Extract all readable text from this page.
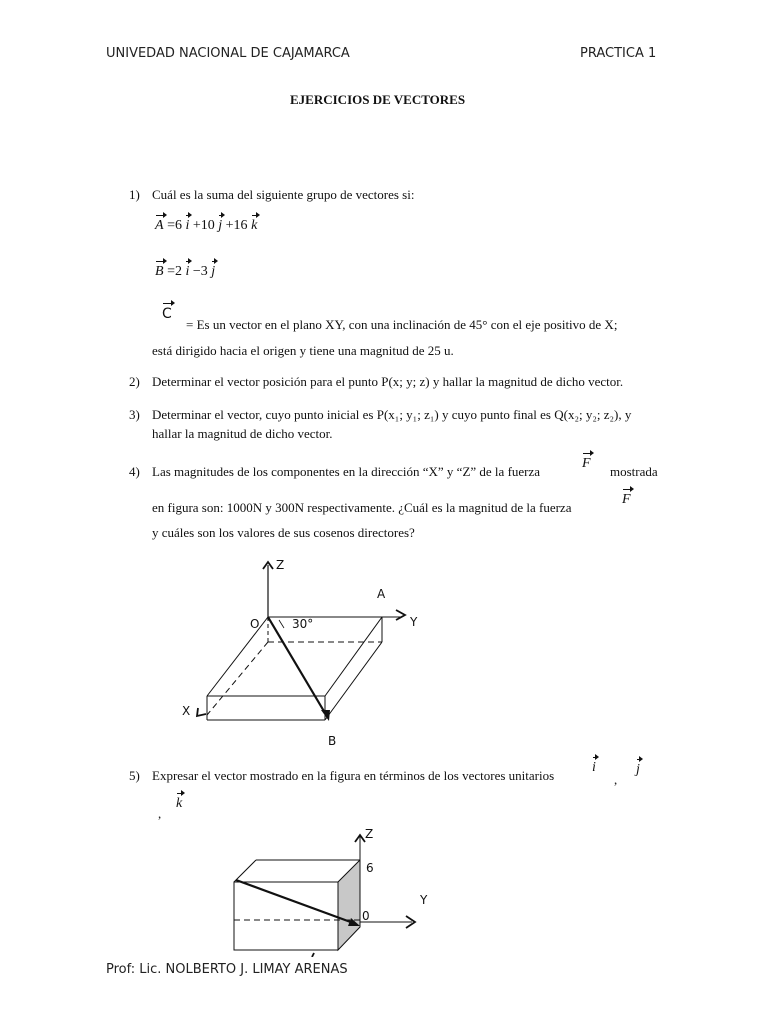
UNIVEDAD NACIONAL DE CAJAMARCA	PRACTICA 1
EJERCICIOS DE VECTORES
1) Cuál es la suma del siguiente grupo de vectores si:
A =6 i +10 j +16 k
B =2 i −3 j
C
= Es un vector en el plano XY, con una inclinación de 45° con el eje positivo de X;
está dirigido hacia el origen y tiene una magnitud de 25 u.
2) Determinar el vector posición para el punto P(x; y; z) y hallar la magnitud de dicho vector.
3) Determinar el vector, cuyo punto inicial es P(x₁; y₁; z₁) y cuyo punto final es Q(x₂; y₂; z₂), y
hallar la magnitud de dicho vector.
4) Las magnitudes de los componentes en la dirección “X” y “Z” de la fuerza
F
mostrada
en figura son: 1000N y 300N respectivamente. ¿Cuál es la magnitud de la fuerza
F
y cuáles son los valores de sus cosenos directores?
Z
Y
X
O	30°
A
B
5) Expresar el vector mostrado en la figura en términos de los vectores unitarios
i
,
j
,
k
Z
Y
6
0
Prof: Lic. NOLBERTO J. LIMAY ARENAS
